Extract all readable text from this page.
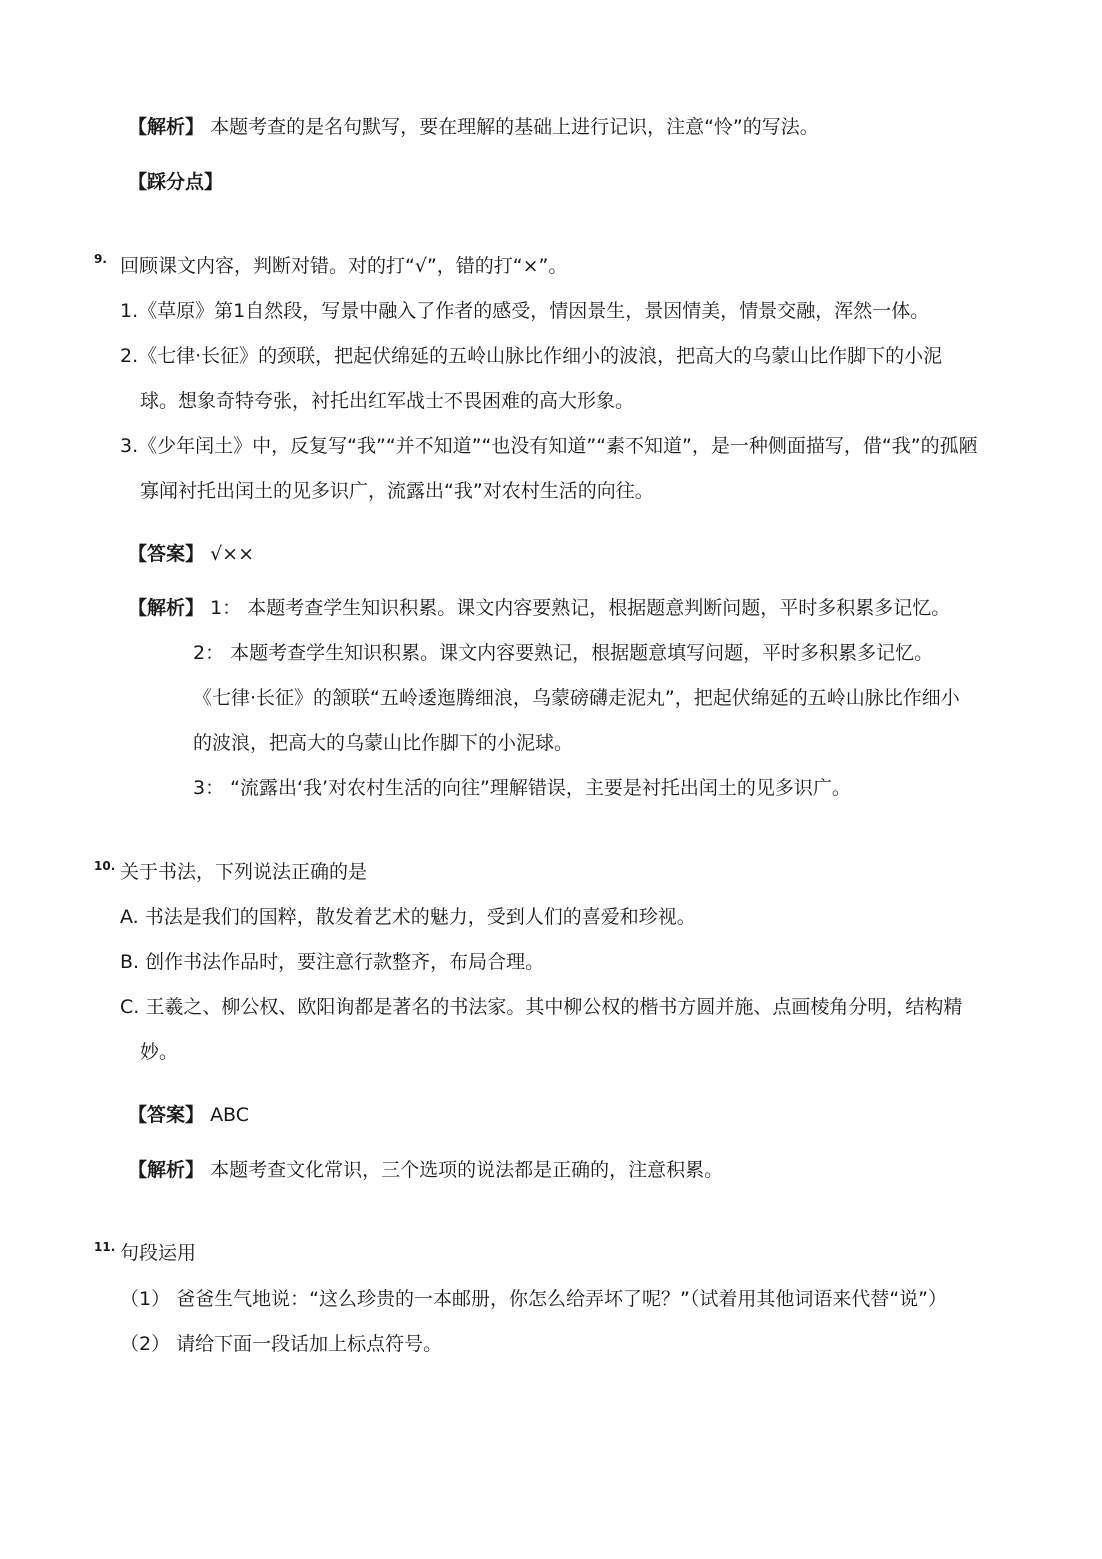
【解析】 本题考查的是名句默写，要在理解的基础上进行记识，注意“怜”的写法。
【踩分点】
9. 回顾课文内容，判断对错。对的打“√”，错的打“×”。
1.《草原》第1自然段，写景中融入了作者的感受，情因景生，景因情美，情景交融，浑然一体。
2.《七律·长征》的颈联，把起伏绵延的五岭山脉比作细小的波浪，把高大的乌蒙山比作脚下的小泥
球。想象奇特夸张，衬托出红军战士不畏困难的高大形象。
3.《少年闰土》中，反复写“我”“并不知道”“也没有知道”“素不知道”，是一种侧面描写，借“我”的孤陋
寡闻衬托出闰土的见多识广，流露出“我”对农村生活的向往。
【答案】 √××
【解析】 1： 本题考查学生知识积累。课文内容要熟记，根据题意判断问题，平时多积累多记忆。
2： 本题考查学生知识积累。课文内容要熟记，根据题意填写问题，平时多积累多记忆。
《七律·长征》的颔联“五岭逶迤腾细浪，乌蒙磅礴走泥丸”，把起伏绵延的五岭山脉比作细小
的波浪，把高大的乌蒙山比作脚下的小泥球。
3： “流露出‘我’对农村生活的向往”理解错误，主要是衬托出闰土的见多识广。
10. 关于书法，下列说法正确的是
A. 书法是我们的国粹，散发着艺术的魅力，受到人们的喜爱和珍视。
B. 创作书法作品时，要注意行款整齐，布局合理。
C. 王羲之、柳公权、欧阳询都是著名的书法家。其中柳公权的楷书方圆并施、点画棱角分明，结构精
妙。
【答案】 ABC
【解析】 本题考查文化常识，三个选项的说法都是正确的，注意积累。
11. 句段运用
（1） 爸爸生气地说：“这么珍贵的一本邮册，你怎么给弄坏了呢？”（试着用其他词语来代替“说”）
（2） 请给下面一段话加上标点符号。
